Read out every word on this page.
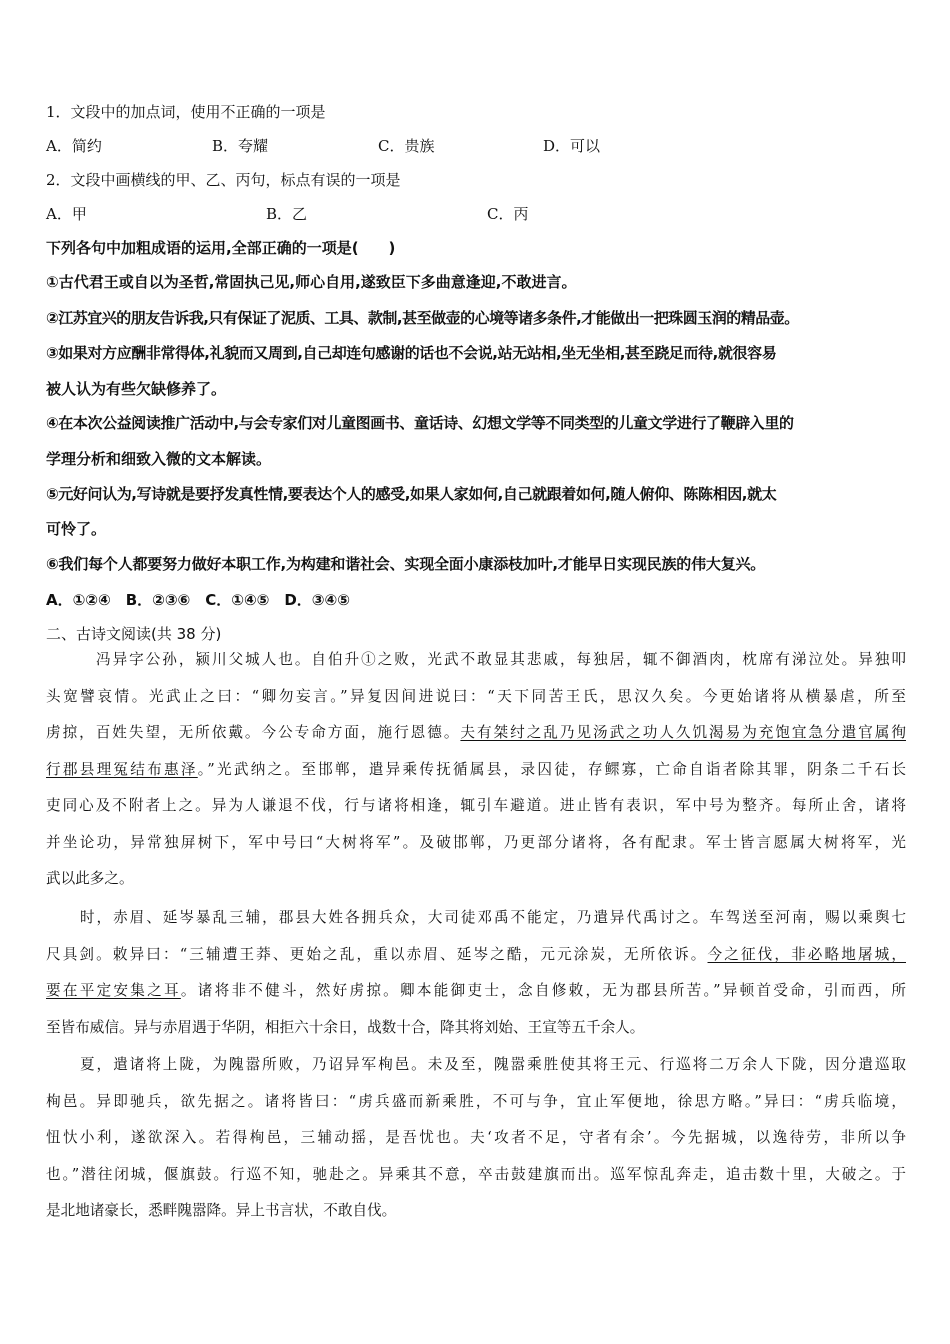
1．文段中的加点词，使用不正确的一项是
A．简约	B．夸耀	C．贵族	D．可以
2．文段中画横线的甲、乙、丙句，标点有误的一项是
A．甲	B．乙	C．丙
下列各句中加粗成语的运用,全部正确的一项是(　　)
①古代君王或自以为圣哲,常固执己见,师心自用,遂致臣下多曲意逢迎,不敢进言。
②江苏宜兴的朋友告诉我,只有保证了泥质、工具、款制,甚至做壶的心境等诸多条件,才能做出一把珠圆玉润的精品壶。
③如果对方应酬非常得体,礼貌而又周到,自己却连句感谢的话也不会说,站无站相,坐无坐相,甚至跷足而待,就很容易
被人认为有些欠缺修养了。
④在本次公益阅读推广活动中,与会专家们对儿童图画书、童话诗、幻想文学等不同类型的儿童文学进行了鞭辟入里的
学理分析和细致入微的文本解读。
⑤元好问认为,写诗就是要抒发真性情,要表达个人的感受,如果人家如何,自己就跟着如何,随人俯仰、陈陈相因,就太
可怜了。
⑥我们每个人都要努力做好本职工作,为构建和谐社会、实现全面小康添枝加叶,才能早日实现民族的伟大复兴。
A．①②④　B．②③⑥　C．①④⑤　D．③④⑤
二、古诗文阅读(共 38 分)
冯异字公孙，颍川父城人也。自伯升①之败，光武不敢显其悲戚，每独居，辄不御酒肉，枕席有涕泣处。异独叩
头宽譬哀情。光武止之曰：“卿勿妄言。”异复因间进说曰：“天下同苦王氏，思汉久矣。今更始诸将从横暴虐，所至
虏掠，百姓失望，无所依戴。今公专命方面，施行恩德。夫有桀纣之乱乃见汤武之功人久饥渴易为充饱宜急分遣官属徇
行郡县理冤结布惠泽。”光武纳之。至邯郸，遣异乘传抚循属县，录囚徒，存鳏寡，亡命自诣者除其罪，阴条二千石长
吏同心及不附者上之。异为人谦退不伐，行与诸将相逢，辄引车避道。进止皆有表识，军中号为整齐。每所止舍，诸将
并坐论功，异常独屏树下，军中号曰“大树将军”。及破邯郸，乃更部分诸将，各有配隶。军士皆言愿属大树将军，光
武以此多之。
时，赤眉、延岑暴乱三辅，郡县大姓各拥兵众，大司徒邓禹不能定，乃遣异代禹讨之。车驾送至河南，赐以乘舆七
尺具剑。敕异曰：“三辅遭王莽、更始之乱，重以赤眉、延岑之酷，元元涂炭，无所依诉。今之征伐，非必略地屠城，
要在平定安集之耳。诸将非不健斗，然好虏掠。卿本能御吏士，念自修敕，无为郡县所苦。”异顿首受命，引而西，所
至皆布威信。异与赤眉遇于华阴，相拒六十余日，战数十合，降其将刘始、王宣等五千余人。
夏，遣诸将上陇，为隗嚣所败，乃诏异军栒邑。未及至，隗嚣乘胜使其将王元、行巡将二万余人下陇，因分遣巡取
栒邑。异即驰兵，欲先据之。诸将皆曰：“虏兵盛而新乘胜，不可与争，宜止军便地，徐思方略。”异曰：“虏兵临境，
忸忕小利，遂欲深入。若得栒邑，三辅动摇，是吾忧也。夫‘攻者不足，守者有余’。今先据城，以逸待劳，非所以争
也。”潜往闭城，偃旗鼓。行巡不知，驰赴之。异乘其不意，卒击鼓建旗而出。巡军惊乱奔走，追击数十里，大破之。于
是北地诸豪长，悉畔隗嚣降。异上书言状，不敢自伐。
